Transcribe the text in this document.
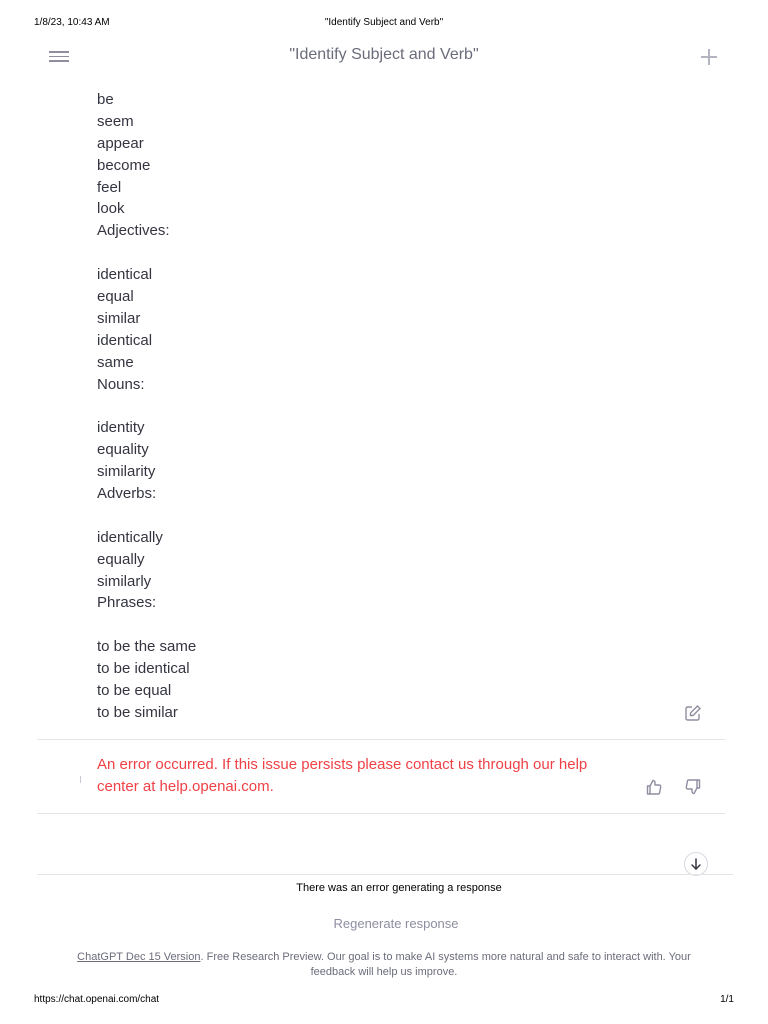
1/8/23, 10:43 AM	"Identify Subject and Verb"
"Identify Subject and Verb"
be
seem
appear
become
feel
look
Adjectives:
identical
equal
similar
identical
same
Nouns:
identity
equality
similarity
Adverbs:
identically
equally
similarly
Phrases:
to be the same
to be identical
to be equal
to be similar
An error occurred. If this issue persists please contact us through our help center at help.openai.com.
There was an error generating a response
Regenerate response
ChatGPT Dec 15 Version. Free Research Preview. Our goal is to make AI systems more natural and safe to interact with. Your feedback will help us improve.
https://chat.openai.com/chat	1/1
